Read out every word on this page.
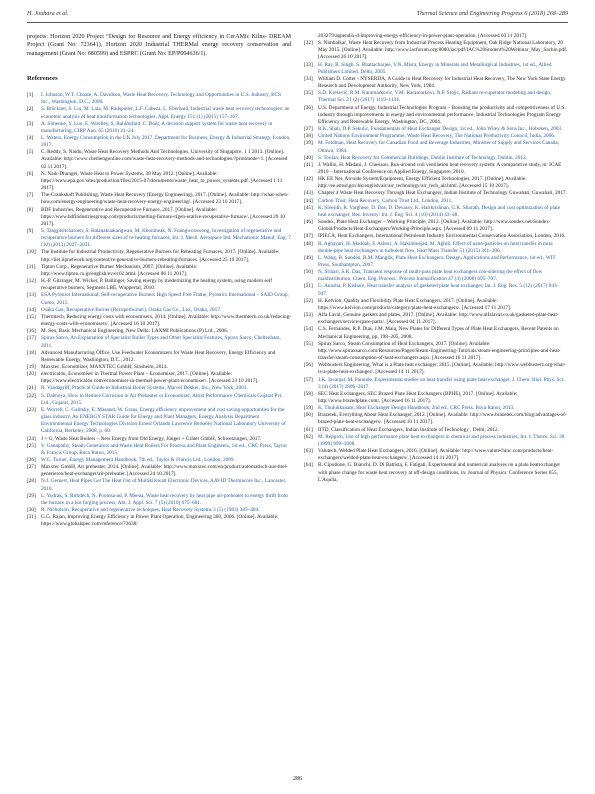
H. Jouhara et al.	Thermal Science and Engineering Progress 6 (2018) 268–289

projects: Horizon 2020 Project “Design for Resource and Energy efficiency in CerAMic Kilns- DREAM Project (Grant No: 723641), Horizon 2020 Industrial THERMal energy recovery conservation and management (Grant No: 680599) and ESPRC (Grant No: EP/P004636/1).

References
[1] I. Johnson, W.T. Choate, A. Davidson, Waste Heat Recovery. Technology and Opportunities in U.S. Industry, BCS Inc., Washington, D.C., 2008.
[2] S. Brückner, S. Liu, M. Laia, M. Radspieler, L.F. Cabeza, L. Eberhard, Industrial waste heat recovery technologies: an economic analysis of heat transformation technologies, Appl. Energy 151 (1) (2015) 157–167.
[3] A. Simeone, Y. Luo, E. Woolley, S. Rahimifard, C. Boër, A decision support system for waste heat recovery in manufacturing, CIRP Ann. 65 (2016) 21–24.
[4] L. Waters, Energy Consumption in the UK July 2017, Department for Business, Energy & Industrial Strategy, London, 2017.
[5] C. Reddy, S. Naidu, Waste Heat Recovery Methods And Technologies, University of Singapore, 1 1 2013. [Online]. Available: http://www.chemengonline.com/waste-heat-recovery-methods-and-technologies/?printmode=1. [Accessed 02 11 2017].
[6] N. Naik-Dhungel, Waste Heat to Power Systems, 30 May 2012. [Online]. Available: https://www.epa.gov/sites/production/files/2015-07/documents/waste_heat_to_power_systems.pdf. [Accessed 1 11 2017].
[7] The-Crankshaft Publishing, Waste Heat Recovery (Energy Engineering), 2017. [Online]. Available: http://what-when-how.com/energy-engineering/waste-heat-recovery-energy-engineering/. [Accessed 23 10 2017].
[8] BDF Industries, Regenerative and Recuperative Furnace, 2017. [Online]. Available: https://www.bdfindustriesgroup.com/products/melting-furnace-rigen-erative-recuperative-furnace/. [Accessed 29 10 2017].
[9] S. Tangjitsitcharoen, S. Ratanakuakangwan, M. Khonmeak, N. Fuangworawong, Investigation of regenerative and recuperative burners for different sizes of re-heating furnaces, Int. J. Mech. Aerospace Ind. Mechatronic Manuf. Eng. 7 (10) (2013) 2027–2031.
[10] The Institute for Industrial Productivity, Regenerative Burners for Reheating Furnaces, 2017. [Online]. Available: http://iiet.iipnetwork.org/content/re-generative-burners-reheating-furnaces. [Accessed 25 10 2017].
[11] Tipton Corp., Regenerative Burner Mechanism, 2007. [Online]. Available: http://www.tipton.co.jp/english/ev/ec02.html. [Accessed 06 11 2017].
[12] H.-P. Gitzinger, M. Wicker, P. Ballinger, Saving energy by modernizing the heating system, using modern self recuperative burners, Segment LBE, Wuppertal, 2010.
[13] ESA Pyronics International, Self-recuperative Burners High Speed Free Flame, Pyronics International – SAID Group, Gumo, 2015.
[14] Osaka Gas, Recuperative Burner (Recuperburner), Osaka Gas Co., Ltd., Osaka, 2017.
[15] Thermtech, Reducing energy costs with economisers, 2014. [Online]. Available: http://www.thermtech.co.uk/reducing-energy-costs-with-economisers/. [Accessed 16 10 2017].
[16] M. Sen, Basic Mechanical Engineering, New Delhi: LAXMI Publications (P) Ltd., 2006.
[17] Spirax Sarco, An Explanation of Specialist Boiler Types and Other Specialist Features, Spirax Sarco, Cheltenham, 2011.
[18] Advanced Manufacturing Office, Use Feedwater Economizers for Waste Heat Recovery, Energy Efficiency and Renewable Energy, Washington, D.C., 2012.
[19] Maxxtec, Economizer, MAXXTEC GmbH, Sinsheim, 2014.
[20] electrical4u, Economiser in Thermal Power Plant – Economiser, 2017. [Online]. Available: https://www.electrical4u.com/economiser-in-thermal-power-plant-economiser/. [Accessed 23 10 2017].
[21] R. Vandagriff, Practical Guide to Industrial Boiler Systems, Marcel Dekker, Inc., New York, 2001.
[22] S. Dabhoya, How to Reduce Corrosion in Air Preheater or Economizer, Altret Performance Chemicals Gujarat Pvt. Ltd., Gujarat, 2015.
[23] E. Worrell, C. Galitsky, E. Masanet, W. Graus, Energy efficiency improvement and cost saving opportunities for the glass industry, An ENERGY STAR Guide for Energy and Plant Managers, Energy Analysis Department Environmental Energy Technologies Division Ernest Orlando Lawrence Berkeley National Laboratory University of California, Berkeley, 2008, p. 60.
[24] J + G, Waste Heat Boilers – New Energy from Old Energy, Jünger + Gräter GmbH, Schwetzingen, 2017.
[25] V. Ganapathy, Steam Generators and Waste Heat Boilers For Process and Plant Engineers, 1st ed., CRC Press, Taylor & Francis Group, Boca Raton, 2015.
[26] W.C. Turner, Energy Management Handbook, 7th ed., Taylor & Francis Ltd., London, 2009.
[27] Maxxtec GmbH, Air preheater, 2014. [Online]. Available: http://www.maxxtec.com/en/product/automatisch-aus-titel-generieren/heat-exchanger/air-preheater. [Accessed 24 10 2017].
[28] N.J. Gernert, Heat Pipes Get The Heat Out of Multikilowatt Electronic Devices, AAVID Thermacore Inc., Lancaster, 2010.
[29] L. Yodrak, S. Rittidech, N. Poomsa-ad, P. Meena, Waste heat recovery by heat pipe air-preheater to energy thrift from the furnace in a hot forging process, Am. J. Appl. Sci. 7 (5) (2010) 675–681.
[30] R. Nicholson, Recuperative and regenerative techniques, Heat Recovery Systems 3 (5) (1983) 385–404.
[31] G.G. Rajan, Improving Energy Efficiency in Power Plant Operation, Engineering 360, 2006. [Online]. Available: https://www.globalspec.com/reference/73638/
203279/appendix-d-improving-energy-efficiency-in-power-plant-operation. [Accessed 03 11 2017].
[32] S. Nimbalkar, Waste Heat Recovery from Industrial Process Heating Equipment, Oak Ridge National Laboratory, 20 May 2015. [Online]. Available: http://www.iacforum.org:8080/iac/pdf/IAC%20Student%20Webinar_May_Sachin.pdf. [Accessed 26 10 2017].
[33] H. Ray, B. Singh, S. Bhattacharjee, V.N. Misra, Energy in Minerals and Metallurgical Industries, 1st ed., Allied Publishers Limited, Delhi, 2005.
[34] William D. Cotter - NYSERDA, A Guide to Heat Recovery for Industrial Heat Recovery, The New York State Energy Research and Development Authority, New York, 1984.
[35] S.D. Krešević, R.M. Karamarkovic, V.M. Karamarkovi, N.P. Stojic, Radiant re-cuperator modeling and design, Thermal Sci. 21 (2) (2017) 1119–1134.
[36] U.S. Department of Energy, Industrial Technologies Program – Boosting the productivity and competitiveness of U.S. industry through improvements in energy and environmental performance, Industrial Technologies Program Energy Efficiency and Renewable Energy, Washington, DC, 2004.
[37] R.K. Shah, D.P. Sekulic, Fundamentals of Heat Exchanger Design, 1st ed., John Wiley & Sons Inc., Hoboken, 2003.
[38] United Nations Environment Programme, Waste Heat Recovery, The National Productivity Council, India, 2006.
[39] M. Feldman, Heat Recovery for Canadian Food and Beverage Industries, Minister of Supply and Services Canada, Ottawa, 1984.
[40] S. Toolan, Heat Recovery for Commercial Buildings, Dublin Institute of Technology, Dublin, 2012.
[41] J. Wallin, H. Madani, J. Claesson, Run-around coil ventilation heat recovery system: A comparative study, in: ICAE 2010 – International Conference on Applied Energy, Singapore, 2010.
[42] HK EE Net, Air-side System/Equipment, Energy Efficient Technologies, 2017. [Online]. Available: http://ee.emsd.gov.hk/english/air/air_technology/air_tech_air.html. [Accessed 15 10 2017].
[43] Chapter 4 Waste Heat Recovery Through Heat Exchangers, Indian Institute of Technology Guwahati, Guwahati, 2017.
[44] Carbon Trust, Heat Recovery, Carbon Trust Ltd., London, 2011.
[45] K. Sreejith, R. Varghese, D. Das, D. Devassy, K. Harikrishnan, G.K. Sharath, Design and cost optimization of plate heat exchanger, Res. Inventy: Int. J. Eng. Sci. 4 (10) (2014) 43–48.
[46] Sondex, Plate Heat Exchanger – Working Principle, 2012. [Online]. Available: http://www.sondex.net/Sondex-Global/Products/Heat-Exchangers/Working-Principle.aspx. [Accessed 09 11 2017].
[47] IPIECA, Heat Exchangers, International Petroleum Industry Environmental Conservation Association, London, 2016.
[48] R. Aghayari, H. Maddah, F. Ashori, A. Hakiminejad, M. Aghili, Effect of nano-particles on heat transfer in mini double-pipe heat exchangers in turbulent flow, Heat Mass Transfer 51 (2015) 301–306.
[49] L. Wang, B. Sundén, R.M. Manglik, Plate Heat Exchangers: Design, Applications and Performance, 1st ed., WIT Press, Southampton, 2007.
[50] N. Srihari, S.K. Das, Transient response of multi-pass plate heat exchangers con-sidering the effect of flow maldistribution, Chem. Eng. Process.: Process Intensification 47 (4) (2008) 695–707.
[51] G. Anusha, P. Kishore, Heat transfer analysis of gasketed plate heat exchanger, Int. J. Eng. Res. 5 (12) (2017) 943–947.
[52] H. Kelvion, Quality and Flexibility Plate Heat Exchangers, 2017. [Online]. Available: https://www.kelvion.com/products/category/plate-heat-exchangers/. [Accessed 17 11 2017].
[53] Alfa Laval, Genuine gaskets and plates, 2017. [Online]. Available: http://www.alfalaval.co.uk/gasketed-plate-heat-exchangers/service/spare-parts/. [Accessed 04 11 2017].
[54] C.S. Fernandes, R.P. Dias, J.M. Maia, New Plates for Different Types of Plate Heat Exchangers, Recent Patents on Mechanical Engineering, pp. 198–205, 2008.
[55] Spirax Sarco, Steam Consumption of Heat Exchangers, 2017. [Online]. Available: http://www.spiraxsarco.com/Resources/Pages/Steam-Engineering-Tutorials/steam-engineering-principles-and-heat-transfer/steam-consumption-of-heat-exchangers.aspx. [Accessed 16 11 2017].
[56] Webbusterz Engineering, What is a Plate heat exchanger, 2015. [Online]. Available: http://www.webbusterz.org/what-is-a-plate-heat-exchanger/. [Accessed 14 11 2017].
[57] J.K. Javanjal, M. Parande, Experimental studies on heat transfer using plate heat exchanger, J. Chem. Biol. Phys. Sci. 3 (4) (2017) 2806–2817.
[58] SEC Heat Exchangers, SEC Brazed Plate Heat Exchangers (BPHE), 2017. [Online]. Available: http://www.brazedplate.com/. [Accessed 16 11 2017].
[59] K. Thulukkanam, Heat Exchanger Design Handbook, 2nd ed., CRC Press, Boca Raton, 2013.
[60] Brazetek, Everything About Heat Exchanger, 2012. [Online]. Available: http://www.brazetek.com/blog/advantages-of-brazed-plate-heat-exchangers/. [Accessed 10 11 2017].
[61] IITD, Classification of Heat Exchangers, Indian Institute of Technology , Delhi, 2012.
[62] M. Reppich, Use of high performance plate heat exchangers in chemical and process industries, Int. J. Therm. Sci. 38 (1999) 999–1008.
[63] Valutech, Welded Plate Heat Exchangers, 2016. [Online]. Available: http://www.valutechinc.com/products/heat-exchangers/welded-plate-heat-exchangers/. [Accessed 14 11 2017].
[64] R. Cipollone, G. Bianchi, D. Di Battista, F. Fatigati, Experimental and numerical analyses on a plate heatexchanger with phase change for waste heat recovery at off-design conditions, in: Journal of Physics: Conference Series 655, L'Aquila,
286
